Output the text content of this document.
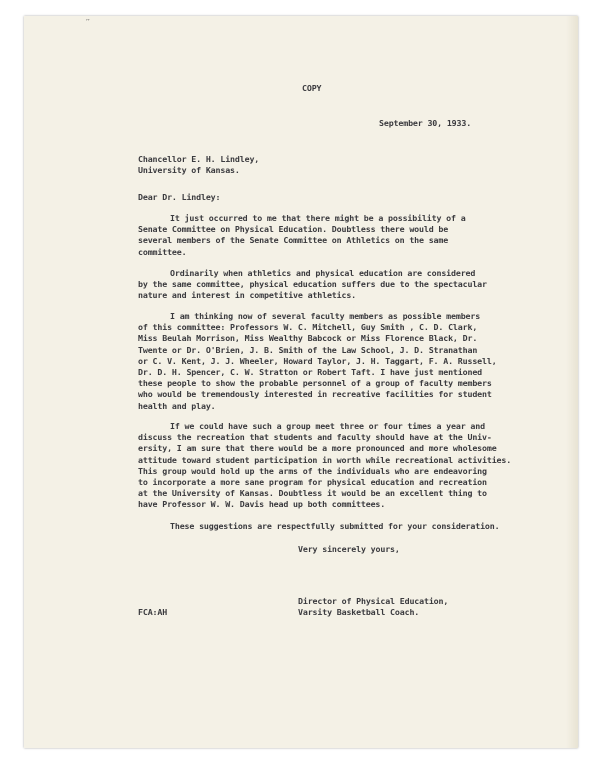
′′
COPY
September 30, 1933.
Chancellor E. H. Lindley,
University of Kansas.
Dear Dr. Lindley:
It just occurred to me that there might be a possibility of a
Senate Committee on Physical Education. Doubtless there would be
several members of the Senate Committee on Athletics on the same
committee.
Ordinarily when athletics and physical education are considered
by the same committee, physical education suffers due to the spectacular
nature and interest in competitive athletics.
I am thinking now of several faculty members as possible members
of this committee: Professors W. C. Mitchell, Guy Smith , C. D. Clark,
Miss Beulah Morrison, Miss Wealthy Babcock or Miss Florence Black, Dr.
Twente or Dr. O'Brien, J. B. Smith of the Law School, J. D. Stranathan
or C. V. Kent, J. J. Wheeler, Howard Taylor, J. H. Taggart, F. A. Russell,
Dr. D. H. Spencer, C. W. Stratton or Robert Taft. I have just mentioned
these people to show the probable personnel of a group of faculty members
who would be tremendously interested in recreative facilities for student
health and play.
If we could have such a group meet three or four times a year and
discuss the recreation that students and faculty should have at the Univ-
ersity, I am sure that there would be a more pronounced and more wholesome
attitude toward student participation in worth while recreational activities.
This group would hold up the arms of the individuals who are endeavoring
to incorporate a more sane program for physical education and recreation
at the University of Kansas. Doubtless it would be an excellent thing to
have Professor W. W. Davis head up both committees.
These suggestions are respectfully submitted for your consideration.
Very sincerely yours,
FCA:AH
Director of Physical Education,
Varsity Basketball Coach.
